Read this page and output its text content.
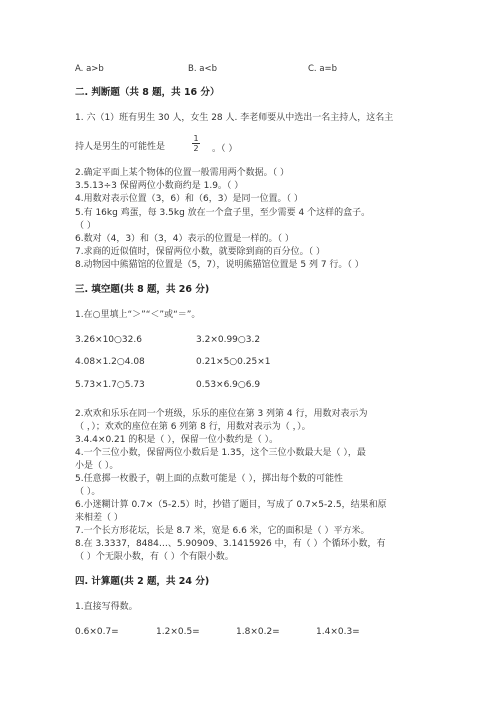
A. a>b	B. a<b	C. a=b
二. 判断题（共 8 题，共 16 分）
1. 六（1）班有男生 30 人，女生 28 人. 李老师要从中选出一名主持人，这名主
持人是男生的可能性是
1
2 。（ ）
2.确定平面上某个物体的位置一般需用两个数据。（ ）
3.5.13÷3 保留两位小数商约是 1.9。（ ）
4.用数对表示位置（3，6）和（6，3）是同一位置。（ ）
5.有 16kg 鸡蛋，每 3.5kg 放在一个盒子里，至少需要 4 个这样的盒子。
（ ）
6.数对（4，3）和（3，4）表示的位置是一样的。（ ）
7.求商的近似值时，保留两位小数，就要除到商的百分位。（ ）
8.动物园中熊猫馆的位置是（5，7），说明熊猫馆位置是 5 列 7 行。（ ）
三. 填空题(共 8 题，共 26 分)
1.在○里填上“＞”“＜”或“＝”。
3.26×10○32.6	3.2×0.99○3.2
4.08×1.2○4.08	0.21×5○0.25×1
5.73×1.7○5.73	0.53×6.9○6.9
2.欢欢和乐乐在同一个班级，乐乐的座位在第 3 列第 4 行，用数对表示为
（ ，）；欢欢的座位在第 6 列第 8 行，用数对表示为（ ，）。
3.4.4×0.21 的积是（ ），保留一位小数约是（ ）。
4.一个三位小数，保留两位小数后是 1.35，这个三位小数最大是（ ），最
小是（ ）。
5.任意掷一枚骰子，朝上面的点数可能是（ ），掷出每个数的可能性
（ ）。
6.小迷糊计算 0.7×（5-2.5）时，抄错了题目，写成了 0.7×5-2.5，结果和原
来相差（ ）
7.一个长方形花坛，长是 8.7 米，宽是 6.6 米，它的面积是（ ）平方米。
8.在 3.3337，8484…、5.90909、3.1415926 中，有（ ）个循环小数，有
（ ）个无限小数，有（ ）个有限小数。
四. 计算题(共 2 题，共 24 分)
1.直接写得数。
0.6×0.7=	1.2×0.5=	1.8×0.2=	1.4×0.3=
